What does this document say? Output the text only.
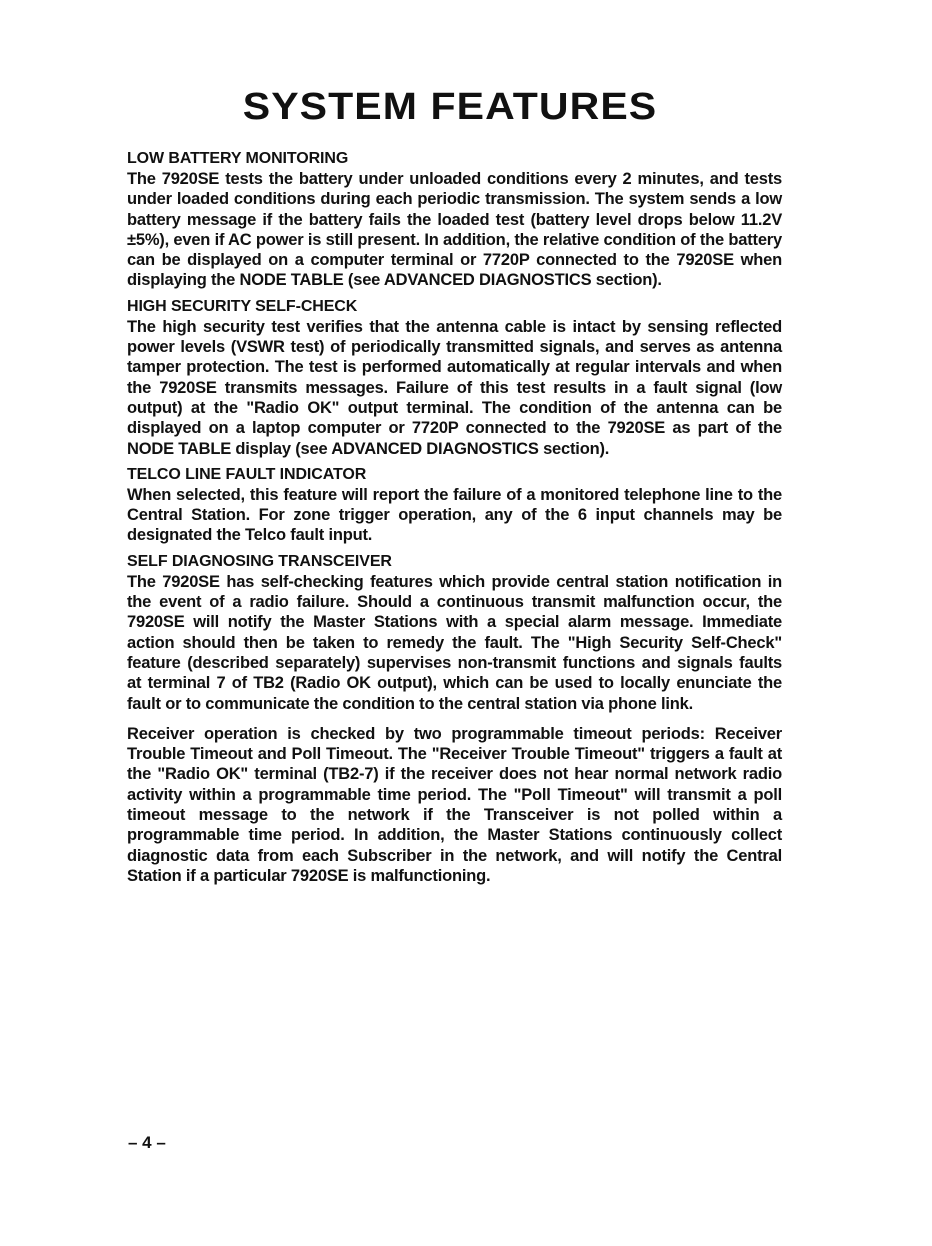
SYSTEM FEATURES
LOW BATTERY MONITORING

The 7920SE tests the battery under unloaded conditions every 2 minutes, and tests under loaded conditions during each periodic transmission. The system sends a low battery message if the battery fails the loaded test (battery level drops below 11.2V ±5%), even if AC power is still present. In addition, the relative condition of the battery can be displayed on a computer terminal or 7720P connected to the 7920SE when displaying the NODE TABLE (see ADVANCED DIAGNOSTICS section).

HIGH SECURITY SELF-CHECK

The high security test verifies that the antenna cable is intact by sensing reflected power levels (VSWR test) of periodically transmitted signals, and serves as antenna tamper protection. The test is performed automatically at regular intervals and when the 7920SE transmits messages. Failure of this test results in a fault signal (low output) at the "Radio OK" output terminal. The condition of the antenna can be displayed on a laptop computer or 7720P connected to the 7920SE as part of the NODE TABLE display (see ADVANCED DIAGNOSTICS section).

TELCO LINE FAULT INDICATOR

When selected, this feature will report the failure of a monitored telephone line to the Central Station. For zone trigger operation, any of the 6 input channels may be designated the Telco fault input.

SELF DIAGNOSING TRANSCEIVER

The 7920SE has self-checking features which provide central station notification in the event of a radio failure. Should a continuous transmit malfunction occur, the 7920SE will notify the Master Stations with a special alarm message. Immediate action should then be taken to remedy the fault. The "High Security Self-Check" feature (described separately) supervises non-transmit functions and signals faults at terminal 7 of TB2 (Radio OK output), which can be used to locally enunciate the fault or to communicate the condition to the central station via phone link.

Receiver operation is checked by two programmable timeout periods: Receiver Trouble Timeout and Poll Timeout. The "Receiver Trouble Timeout" triggers a fault at the "Radio OK" terminal (TB2-7) if the receiver does not hear normal network radio activity within a programmable time period. The "Poll Timeout" will transmit a poll timeout message to the network if the Transceiver is not polled within a programmable time period. In addition, the Master Stations continuously collect diagnostic data from each Subscriber in the network, and will notify the Central Station if a particular 7920SE is malfunctioning.

– 4 –
